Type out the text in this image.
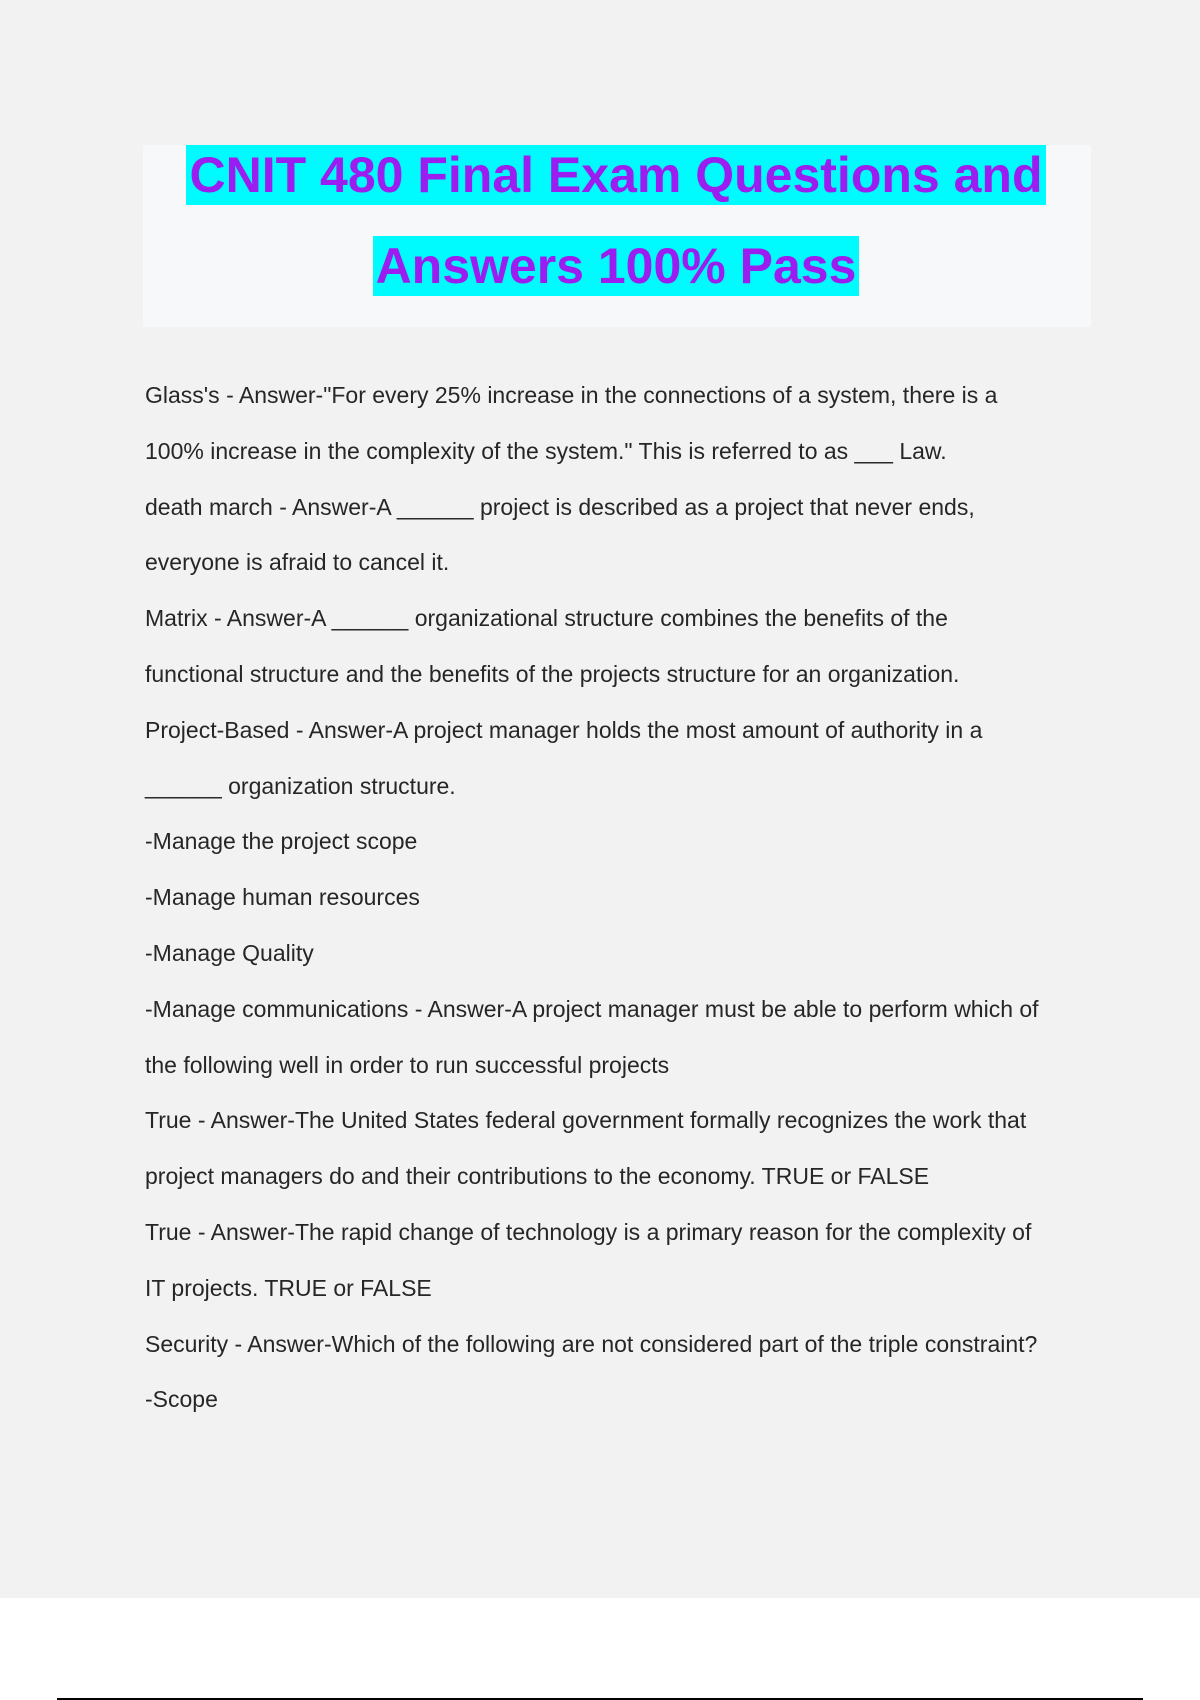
CNIT 480 Final Exam Questions and
Answers 100% Pass
Glass's - Answer-"For every 25% increase in the connections of a system, there is a
100% increase in the complexity of the system." This is referred to as ___ Law.
death march - Answer-A ______ project is described as a project that never ends,
everyone is afraid to cancel it.
Matrix - Answer-A ______ organizational structure combines the benefits of the
functional structure and the benefits of the projects structure for an organization.
Project-Based - Answer-A project manager holds the most amount of authority in a
______ organization structure.
-Manage the project scope
-Manage human resources
-Manage Quality
-Manage communications - Answer-A project manager must be able to perform which of
the following well in order to run successful projects
True - Answer-The United States federal government formally recognizes the work that
project managers do and their contributions to the economy. TRUE or FALSE
True - Answer-The rapid change of technology is a primary reason for the complexity of
IT projects. TRUE or FALSE
Security - Answer-Which of the following are not considered part of the triple constraint?
-Scope
